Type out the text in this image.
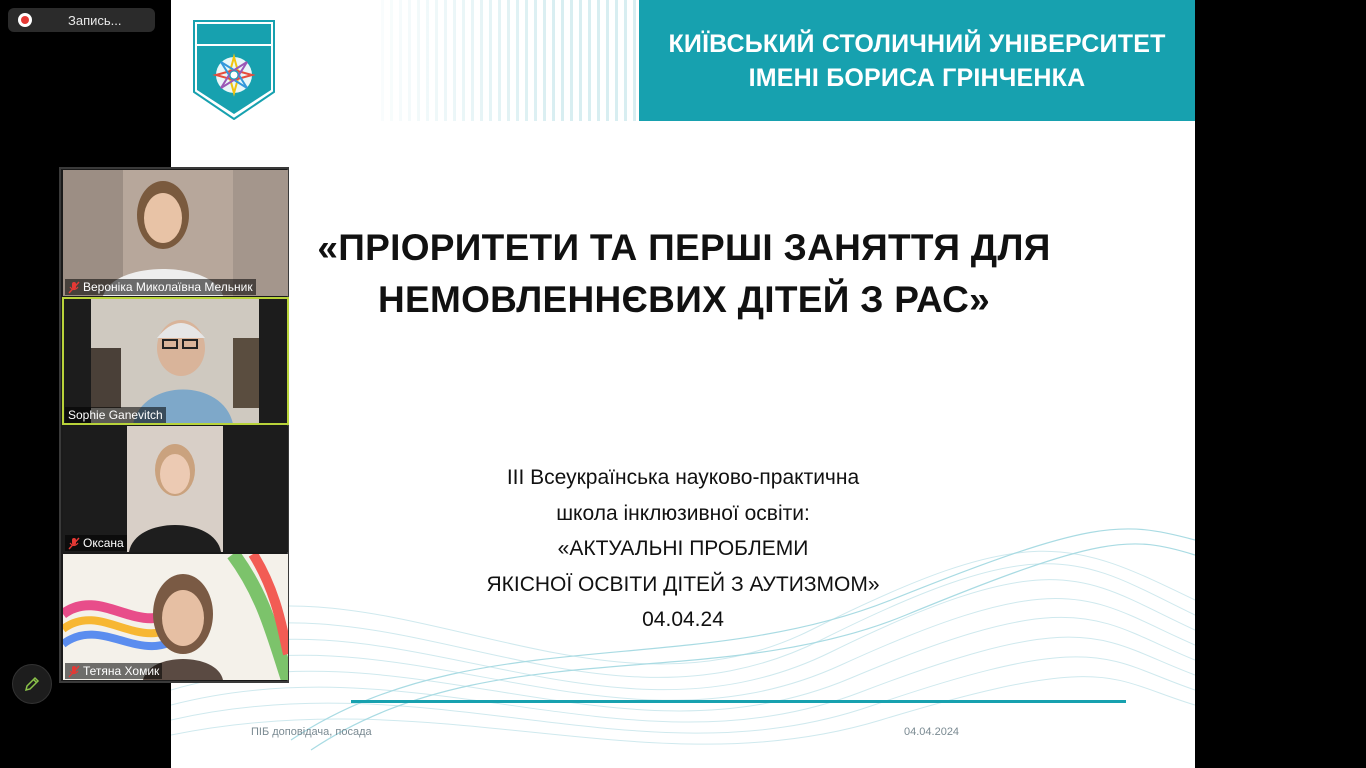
Запись...
КИЇВСЬКИЙ СТОЛИЧНИЙ УНІВЕРСИТЕТ
ІМЕНІ БОРИСА ГРІНЧЕНКА
«ПРІОРИТЕТИ ТА ПЕРШІ ЗАНЯТТЯ ДЛЯ
НЕМОВЛЕННЄВИХ ДІТЕЙ З РАС»
ІІІ Всеукраїнська науково-практична
школа інклюзивної освіти:
«АКТУАЛЬНІ ПРОБЛЕМИ
ЯКІСНОЇ ОСВІТИ ДІТЕЙ З АУТИЗМОМ»
04.04.24
ПІБ доповідача, посада	04.04.2024
Вероніка Миколаївна Мельник
Sophie Ganevitch
Оксана
Тетяна Хомик
